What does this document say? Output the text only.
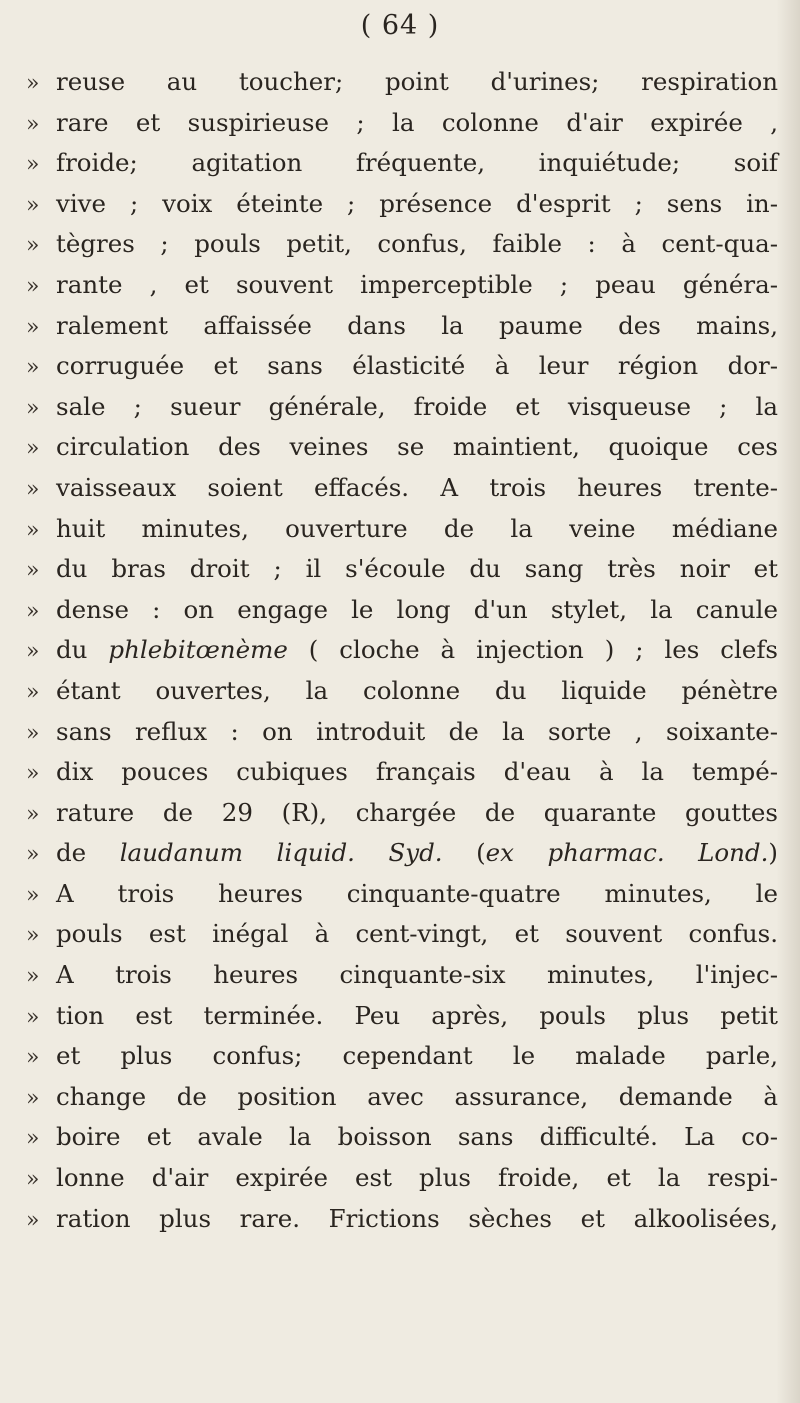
( 64 )
» reuse au toucher; point d'urines; respiration
» rare et suspirieuse ; la colonne d'air expirée ,
» froide; agitation fréquente, inquiétude; soif
» vive ; voix éteinte ; présence d'esprit ; sens in-
» tègres ; pouls petit, confus, faible : à cent-qua-
» rante , et souvent imperceptible ; peau généra-
» ralement affaissée dans la paume des mains,
» corruguée et sans élasticité à leur région dor-
» sale ; sueur générale, froide et visqueuse ; la
» circulation des veines se maintient, quoique ces
» vaisseaux soient effacés. A trois heures trente-
» huit minutes, ouverture de la veine médiane
» du bras droit ; il s'écoule du sang très noir et
» dense : on engage le long d'un stylet, la canule
» du phlebitœnème ( cloche à injection ) ; les clefs
» étant ouvertes, la colonne du liquide pénètre
» sans reflux : on introduit de la sorte , soixante-
» dix pouces cubiques français d'eau à la tempé-
» rature de 29 (R), chargée de quarante gouttes
» de laudanum liquid. Syd. (ex pharmac. Lond.)
» A trois heures cinquante-quatre minutes, le
» pouls est inégal à cent-vingt, et souvent confus.
» A trois heures cinquante-six minutes, l'injec-
» tion est terminée. Peu après, pouls plus petit
» et plus confus; cependant le malade parle,
» change de position avec assurance, demande à
» boire et avale la boisson sans difficulté. La co-
» lonne d'air expirée est plus froide, et la respi-
» ration plus rare. Frictions sèches et alkoolisées,
